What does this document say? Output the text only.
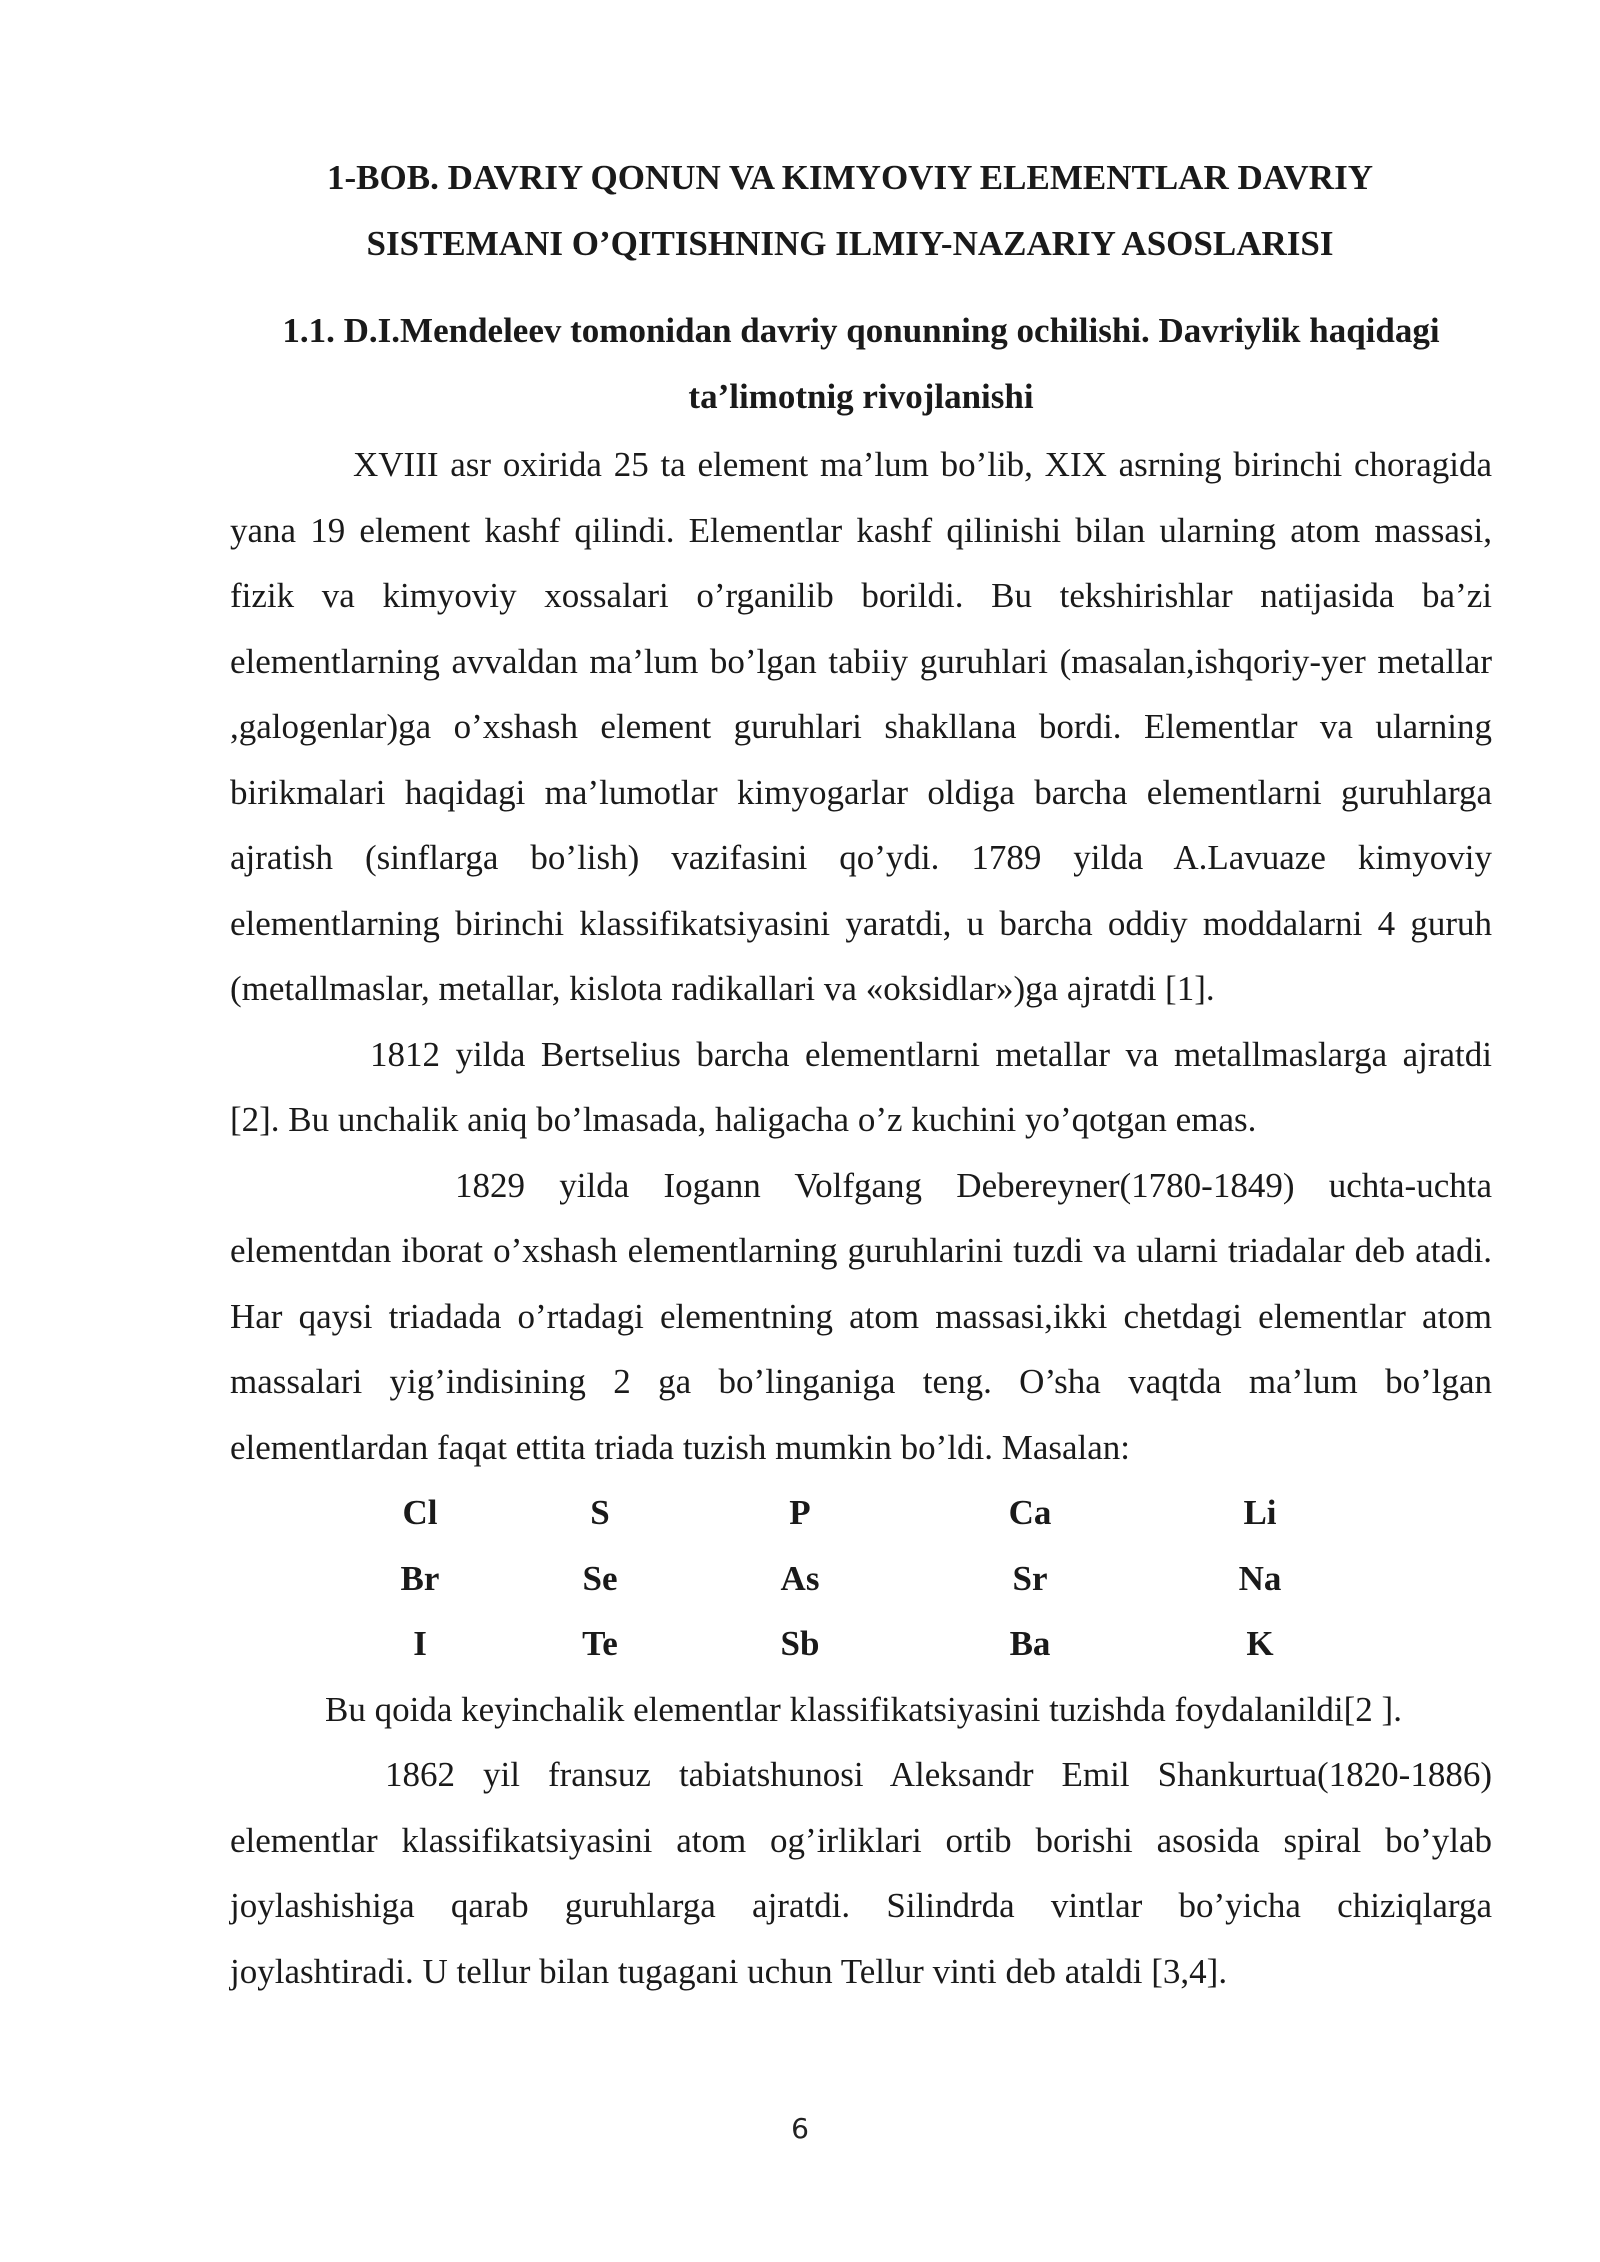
1-BOB. DAVRIY QONUN VA KIMYOVIY ELEMENTLAR DAVRIY
SISTEMANI O’QITISHNING ILMIY-NAZARIY ASOSLARISI
1.1. D.I.Mendeleev tomonidan davriy qonunning ochilishi. Davriylik haqidagi
ta’limotnig rivojlanishi

XVIII asr oxirida 25 ta element ma’lum bo’lib, XIX asrning birinchi choragida yana 19 element kashf qilindi. Elementlar kashf qilinishi bilan ularning atom massasi, fizik va kimyoviy xossalari o’rganilib borildi. Bu tekshirishlar natijasida ba’zi elementlarning avvaldan ma’lum bo’lgan tabiiy guruhlari (masalan,ishqoriy-yer metallar ,galogenlar)ga o’xshash element guruhlari shakllana bordi. Elementlar va ularning birikmalari haqidagi ma’lumotlar kimyogarlar oldiga barcha elementlarni guruhlarga ajratish (sinflarga bo’lish) vazifasini qo’ydi. 1789 yilda A.Lavuaze kimyoviy elementlarning birinchi klassifikatsiyasini yaratdi, u barcha oddiy moddalarni 4 guruh (metallmaslar, metallar, kislota radikallari va «oksidlar»)ga ajratdi [1].

1812 yilda Bertselius barcha elementlarni metallar va metallmaslarga ajratdi [2]. Bu unchalik aniq bo’lmasada, haligacha o’z kuchini yo’qotgan emas.

1829 yilda Iogann Volfgang Debereyner(1780-1849) uchta-uchta elementdan iborat o’xshash elementlarning guruhlarini tuzdi va ularni triadalar deb atadi. Har qaysi triadada o’rtadagi elementning atom massasi,ikki chetdagi elementlar atom massalari yig’indisining 2 ga bo’linganiga teng. O’sha vaqtda ma’lum bo’lgan elementlardan faqat ettita triada tuzish mumkin bo’ldi. Masalan:

Cl	S	P	Ca	Li
Br	Se	As	Sr	Na
I	Te	Sb	Ba	K

Bu qoida keyinchalik elementlar klassifikatsiyasini tuzishda foydalanildi[2 ].

1862 yil fransuz tabiatshunosi Aleksandr Emil Shankurtua(1820-1886) elementlar klassifikatsiyasini atom og’irliklari ortib borishi asosida spiral bo’ylab joylashishiga qarab guruhlarga ajratdi. Silindrda vintlar bo’yicha chiziqlarga joylashtiradi. U tellur bilan tugagani uchun Tellur vinti deb ataldi [3,4].

6
